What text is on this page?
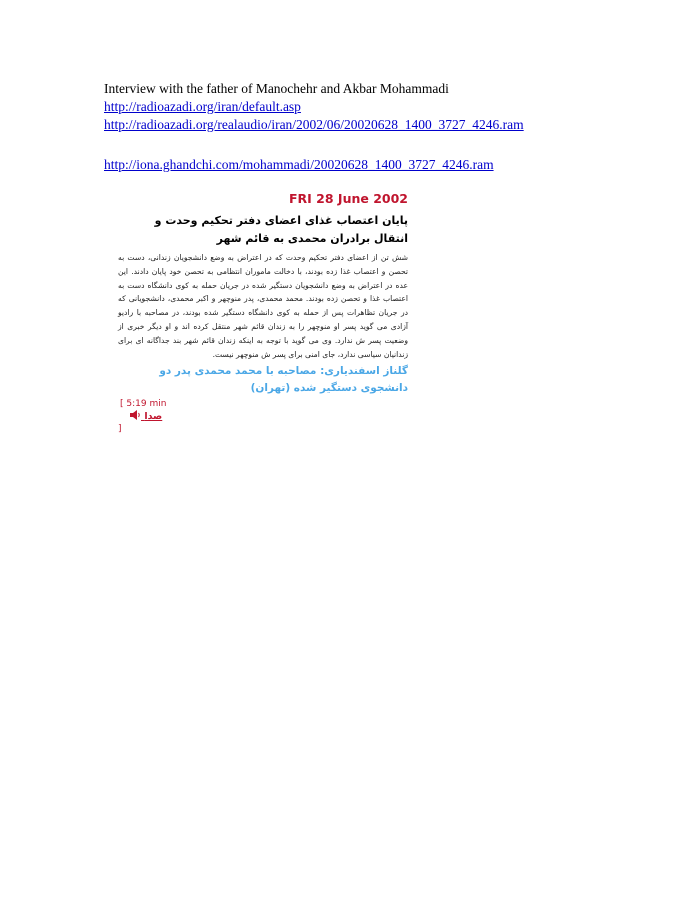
Interview with the father of Manochehr and Akbar Mohammadi
http://radioazadi.org/iran/default.asp
http://radioazadi.org/realaudio/iran/2002/06/20020628_1400_3727_4246.ram
http://iona.ghandchi.com/mohammadi/20020628_1400_3727_4246.ram
FRI 28 June 2002
پایان اعتصاب غذای اعضای دفتر تحکیم وحدت و انتقال برادران محمدی به قائم شهر
شش تن از اعضای دفتر تحکیم وحدت که در اعتراض به وضع دانشجویان زندانی، دست به تحصن و اعتصاب غذا زده بودند، با دخالت ماموران انتظامی به تحصن خود پایان دادند. این عده در اعتراض به وضع دانشجویان دستگیر شده در جریان حمله به کوی دانشگاه دست به اعتصاب غذا و تحصن زده بودند. محمد محمدی، پدر منوچهر و اکبر محمدی، دانشجویانی که در جریان تظاهرات پس از حمله به کوی دانشگاه دستگیر شده بودند، در مصاحبه با رادیو آزادی می گوید پسر او منوچهر را به زندان قائم شهر منتقل کرده اند و او دیگر خبری از وضعیت پسر ش ندارد. وی می گوید با توجه به اینکه زندان قائم شهر بند جداگانه ای برای زندانیان سیاسی ندارد، جای امنی برای پسر ش منوچهر نیست.
گلناز اسفندیاری: مصاحبه با محمد محمدی پدر دو دانشجوی دستگیر شده (تهران)
[ 5:19 min
صدا
]
